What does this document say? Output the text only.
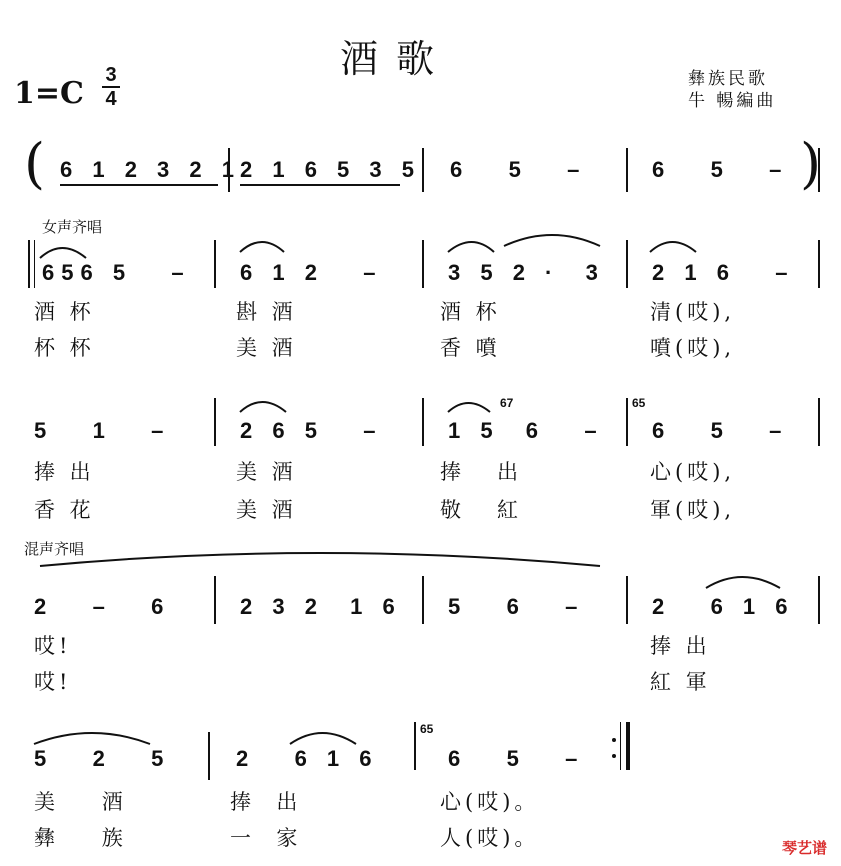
酒歌
1=C
3
4
彝族民歌
牛 暢編曲
( 6 1 2 3 2 1 2 1 6 5 3 5 6   5   –	6   5   – )
女声齐唱
656 5   – 6 1 2   –	3 5 2 ·  3 2 1 6   –
酒 杯	斟 酒	酒 杯	清(哎),
杯 杯	美 酒	香 噴	噴(哎),
67	65
5   1   –	2 6 5   –	1 5  6   – 6   5   –
捧 出	美 酒	捧   出	心(哎),
香 花	美 酒	敬   紅	軍(哎),
混声齐唱
2   –   6	2 3 2  1 6 5   6   –	2   6 1 6
哎!	捧 出
哎!	紅 軍
65
5   2   5	2   6 1 6	6   5   –
美    酒	捧  出	心(哎)。
彝    族	一  家	人(哎)。	琴艺谱
